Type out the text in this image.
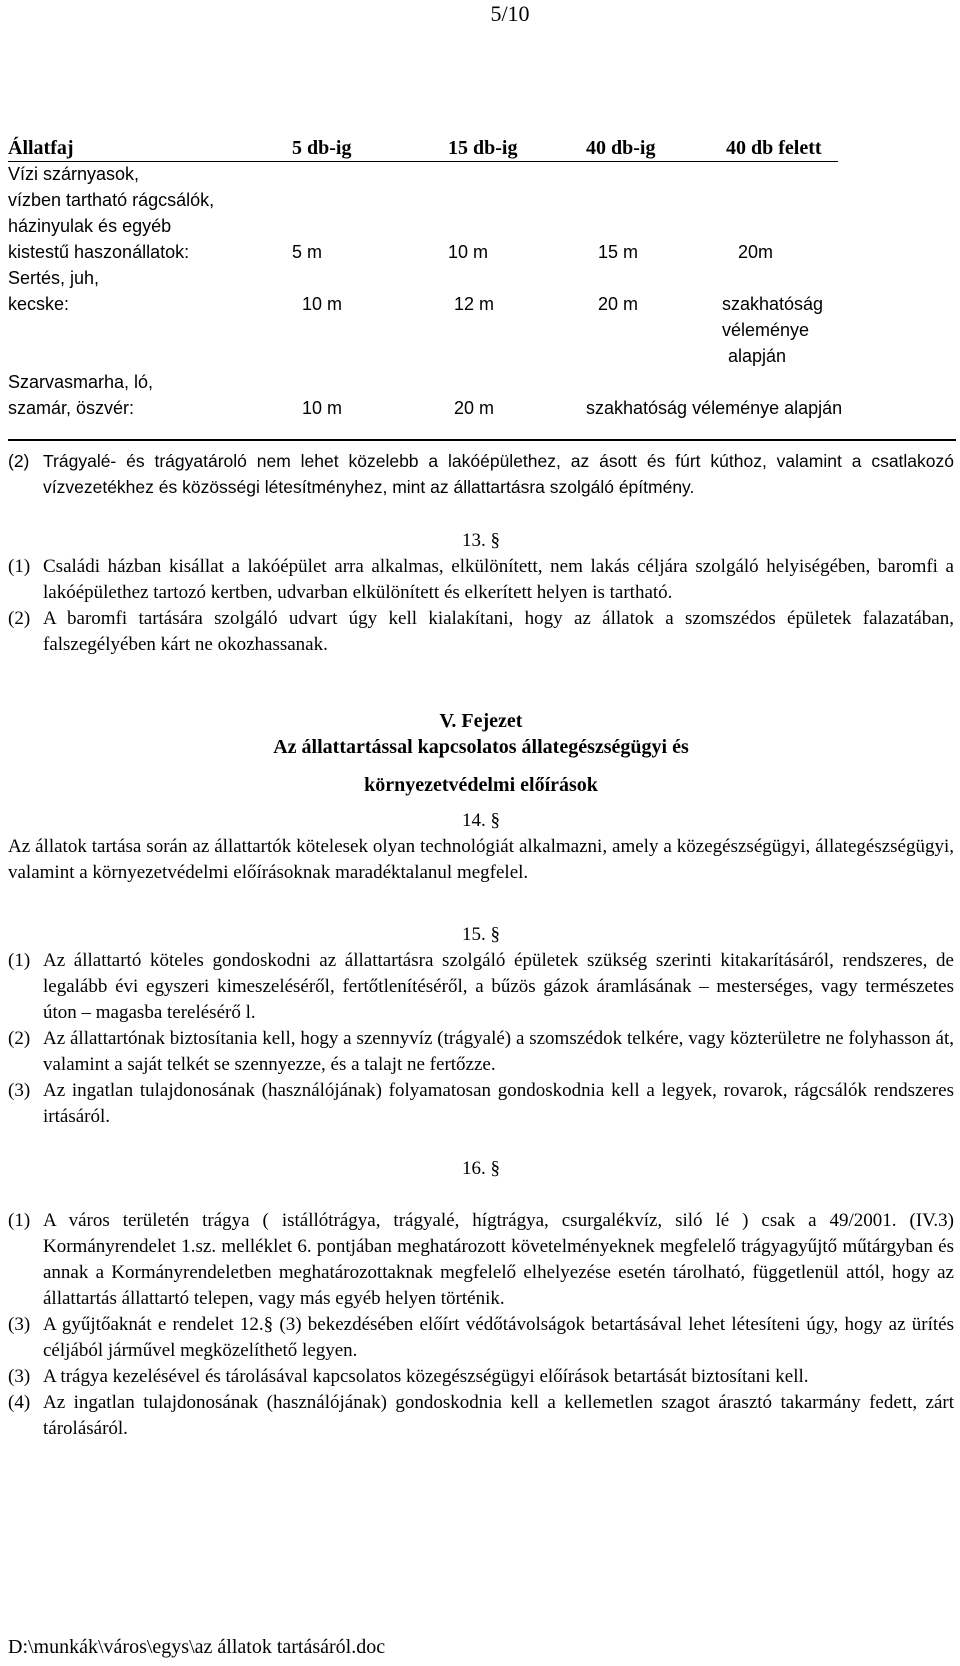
5/10
Állatfaj	5 db-ig	15 db-ig	40 db-ig	40 db felett
Vízi szárnyasok,
vízben tartható rágcsálók,
házinyulak és egyéb
kistestű haszonállatok:	5 m	10 m	15 m	20m
Sertés, juh,
kecske:	10 m	12 m	20 m	szakhatóság
véleménye
alapján
Szarvasmarha, ló,
szamár, öszvér:	10 m	20 m	szakhatóság véleménye alapján
(2) Trágyalé- és trágyatároló nem lehet közelebb a lakóépülethez, az ásott és fúrt kúthoz, valamint a csatlakozó vízvezetékhez és közösségi létesítményhez, mint az állattartásra szolgáló építmény.
13. §
(1) Családi házban kisállat a lakóépület arra alkalmas, elkülönített, nem lakás céljára szolgáló helyiségében, baromfi a lakóépülethez tartozó kertben, udvarban elkülönített és elkerített helyen is tartható.
(2) A baromfi tartására szolgáló udvart úgy kell kialakítani, hogy az állatok a szomszédos épületek falazatában, falszegélyében kárt ne okozhassanak.
V. Fejezet
Az állattartással kapcsolatos állategészségügyi és
környezetvédelmi előírások
14. §
Az állatok tartása során az állattartók kötelesek olyan technológiát alkalmazni, amely a közegészségügyi, állategészségügyi, valamint a környezetvédelmi előírásoknak maradéktalanul megfelel.
15. §
(1) Az állattartó köteles gondoskodni az állattartásra szolgáló épületek szükség szerinti kitakarításáról, rendszeres, de legalább évi egyszeri kimeszeléséről, fertőtlenítéséről, a bűzös gázok áramlásának – mesterséges, vagy természetes úton – magasba terelésérő l.
(2) Az állattartónak biztosítania kell, hogy a szennyvíz (trágyalé) a szomszédok telkére, vagy közterületre ne folyhasson át, valamint a saját telkét se szennyezze, és a talajt ne fertőzze.
(3) Az ingatlan tulajdonosának (használójának) folyamatosan gondoskodnia kell a legyek, rovarok, rágcsálók rendszeres irtásáról.
16. §
(1) A város területén trágya ( istállótrágya, trágyalé, hígtrágya, csurgalékvíz, siló lé ) csak a 49/2001. (IV.3) Kormányrendelet 1.sz. melléklet 6. pontjában meghatározott követelményeknek megfelelő trágyagyűjtő műtárgyban és annak a Kormányrendeletben meghatározottaknak megfelelő elhelyezése esetén tárolható, függetlenül attól, hogy az állattartás állattartó telepen, vagy más egyéb helyen történik.
(3) A gyűjtőaknát e rendelet 12.§ (3) bekezdésében előírt védőtávolságok betartásával lehet létesíteni úgy, hogy az ürítés céljából járművel megközelíthető legyen.
(3) A trágya kezelésével és tárolásával kapcsolatos közegészségügyi előírások betartását biztosítani kell.
(4) Az ingatlan tulajdonosának (használójának) gondoskodnia kell a kellemetlen szagot árasztó takarmány fedett, zárt tárolásáról.
D:\munkák\város\egys\az állatok tartásáról.doc
